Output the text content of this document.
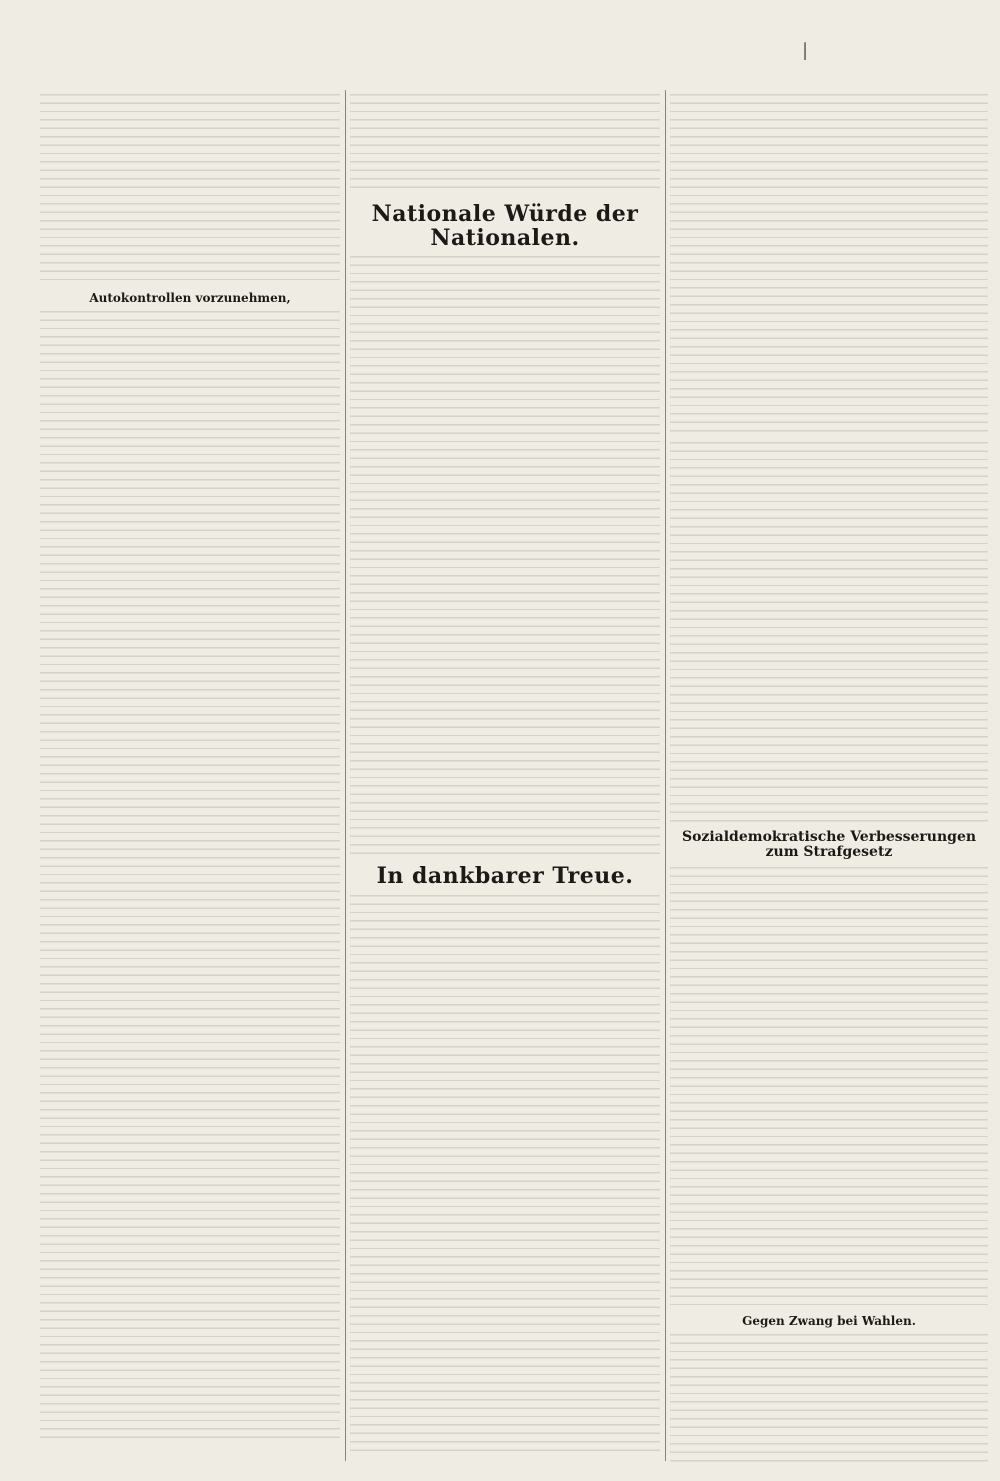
|
Autokontrollen vorzunehmen,
Nationale Würde der Nationalen.
In dankbarer Treue.
Sozialdemokratische Verbesserungen zum Strafgesetz
Gegen Zwang bei Wahlen.
